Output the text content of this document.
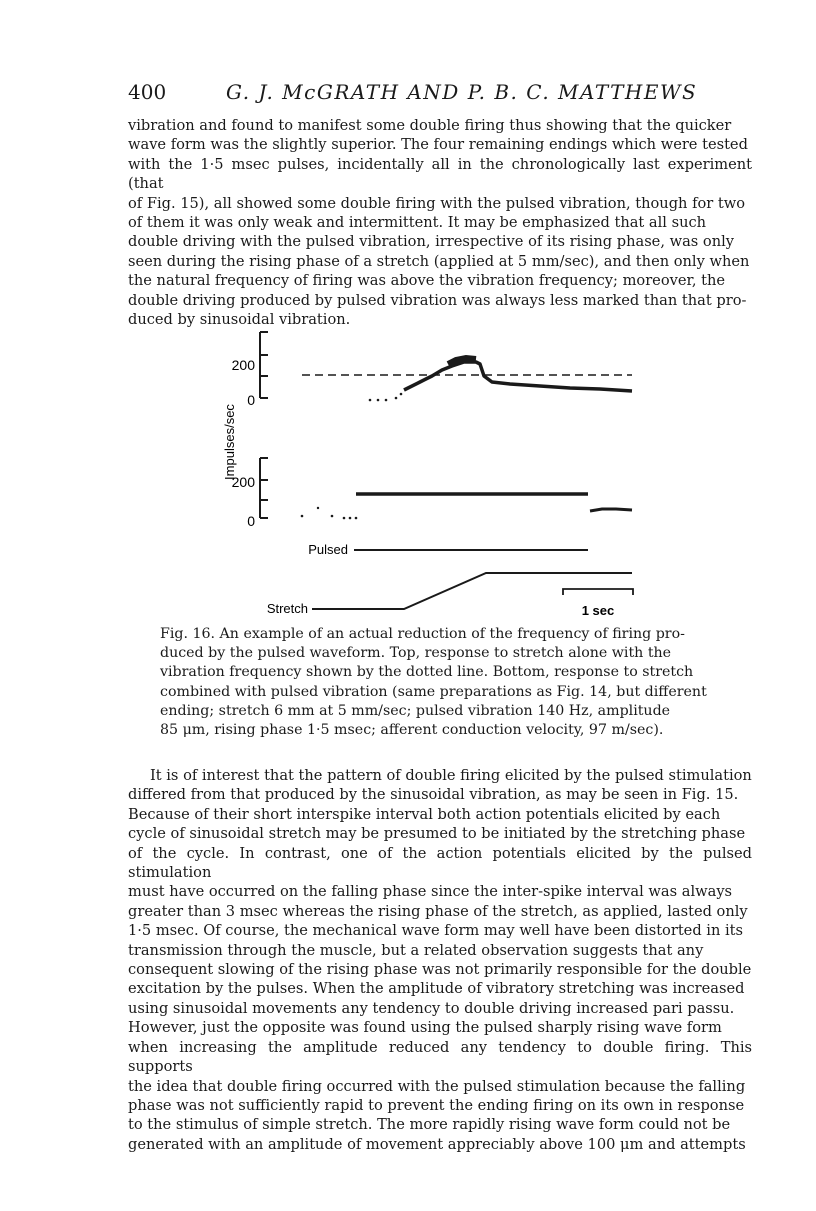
400	G. J. McGRATH AND P. B. C. MATTHEWS
vibration and found to manifest some double firing thus showing that the quicker
wave form was the slightly superior. The four remaining endings which were tested
with the 1·5 msec pulses, incidentally all in the chronologically last experiment (that
of Fig. 15), all showed some double firing with the pulsed vibration, though for two
of them it was only weak and intermittent. It may be emphasized that all such
double driving with the pulsed vibration, irrespective of its rising phase, was only
seen during the rising phase of a stretch (applied at 5 mm/sec), and then only when
the natural frequency of firing was above the vibration frequency; moreover, the
double driving produced by pulsed vibration was always less marked than that pro-
duced by sinusoidal vibration.
200
0
Impulses/sec
200
0
Pulsed
Stretch	1 sec
Fig. 16. An example of an actual reduction of the frequency of firing pro-
duced by the pulsed waveform. Top, response to stretch alone with the
vibration frequency shown by the dotted line. Bottom, response to stretch
combined with pulsed vibration (same preparations as Fig. 14, but different
ending; stretch 6 mm at 5 mm/sec; pulsed vibration 140 Hz, amplitude
85 μm, rising phase 1·5 msec; afferent conduction velocity, 97 m/sec).
It is of interest that the pattern of double firing elicited by the pulsed stimulation
differed from that produced by the sinusoidal vibration, as may be seen in Fig. 15.
Because of their short interspike interval both action potentials elicited by each
cycle of sinusoidal stretch may be presumed to be initiated by the stretching phase
of the cycle. In contrast, one of the action potentials elicited by the pulsed stimulation
must have occurred on the falling phase since the inter-spike interval was always
greater than 3 msec whereas the rising phase of the stretch, as applied, lasted only
1·5 msec. Of course, the mechanical wave form may well have been distorted in its
transmission through the muscle, but a related observation suggests that any
consequent slowing of the rising phase was not primarily responsible for the double
excitation by the pulses. When the amplitude of vibratory stretching was increased
using sinusoidal movements any tendency to double driving increased pari passu.
However, just the opposite was found using the pulsed sharply rising wave form
when increasing the amplitude reduced any tendency to double firing. This supports
the idea that double firing occurred with the pulsed stimulation because the falling
phase was not sufficiently rapid to prevent the ending firing on its own in response
to the stimulus of simple stretch. The more rapidly rising wave form could not be
generated with an amplitude of movement appreciably above 100 μm and attempts
